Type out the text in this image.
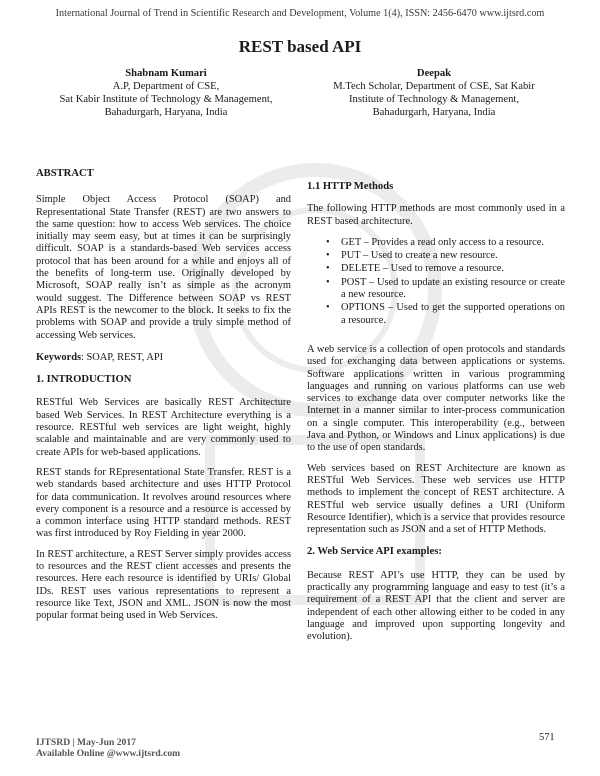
International Journal of Trend in Scientific Research and Development, Volume 1(4), ISSN: 2456-6470 www.ijtsrd.com
REST based API
Shabnam Kumari
A.P, Department of CSE,
Sat Kabir Institute of Technology & Management,
Bahadurgarh, Haryana, India
Deepak
M.Tech Scholar, Department of CSE, Sat Kabir
Institute of Technology & Management,
Bahadurgarh, Haryana, India

ABSTRACT

Simple Object Access Protocol (SOAP) and Representational State Transfer (REST) are two answers to the same question: how to access Web services. The choice initially may seem easy, but at times it can be surprisingly difficult. SOAP is a standards-based Web services access protocol that has been around for a while and enjoys all of the benefits of long-term use. Originally developed by Microsoft, SOAP really isn’t as simple as the acronym would suggest. The Difference between SOAP vs REST APIs REST is the newcomer to the block. It seeks to fix the problems with SOAP and provide a truly simple method of accessing Web services.

Keywords: SOAP, REST, API

1. INTRODUCTION

RESTful Web Services are basically REST Architecture based Web Services. In REST Architecture everything is a resource. RESTful web services are light weight, highly scalable and maintainable and are very commonly used to create APIs for web-based applications.

REST stands for REpresentational State Transfer. REST is a web standards based architecture and uses HTTP Protocol for data communication. It revolves around resources where every component is a resource and a resource is accessed by a common interface using HTTP standard methods. REST was first introduced by Roy Fielding in year 2000.

In REST architecture, a REST Server simply provides access to resources and the REST client accesses and presents the resources. Here each resource is identified by URIs/ Global IDs. REST uses various representations to represent a resource like Text, JSON and XML. JSON is now the most popular format being used in Web Services.

1.1 HTTP Methods

The following HTTP methods are most commonly used in a REST based architecture.

• GET – Provides a read only access to a resource.
• PUT – Used to create a new resource.
• DELETE – Used to remove a resource.
• POST – Used to update an existing resource or create a new resource.
• OPTIONS – Used to get the supported operations on a resource.

A web service is a collection of open protocols and standards used for exchanging data between applications or systems. Software applications written in various programming languages and running on various platforms can use web services to exchange data over computer networks like the Internet in a manner similar to inter-process communication on a single computer. This interoperability (e.g., between Java and Python, or Windows and Linux applications) is due to the use of open standards.

Web services based on REST Architecture are known as RESTful Web Services. These web services use HTTP methods to implement the concept of REST architecture. A RESTful web service usually defines a URI (Uniform Resource Identifier), which is a service that provides resource representation such as JSON and a set of HTTP Methods.

2. Web Service API examples:

Because REST API’s use HTTP, they can be used by practically any programming language and easy to test (it’s a requirement of a REST API that the client and server are independent of each other allowing either to be coded in any language and improved upon supporting longevity and evolution).

571
IJTSRD | May-Jun 2017
Available Online @www.ijtsrd.com
